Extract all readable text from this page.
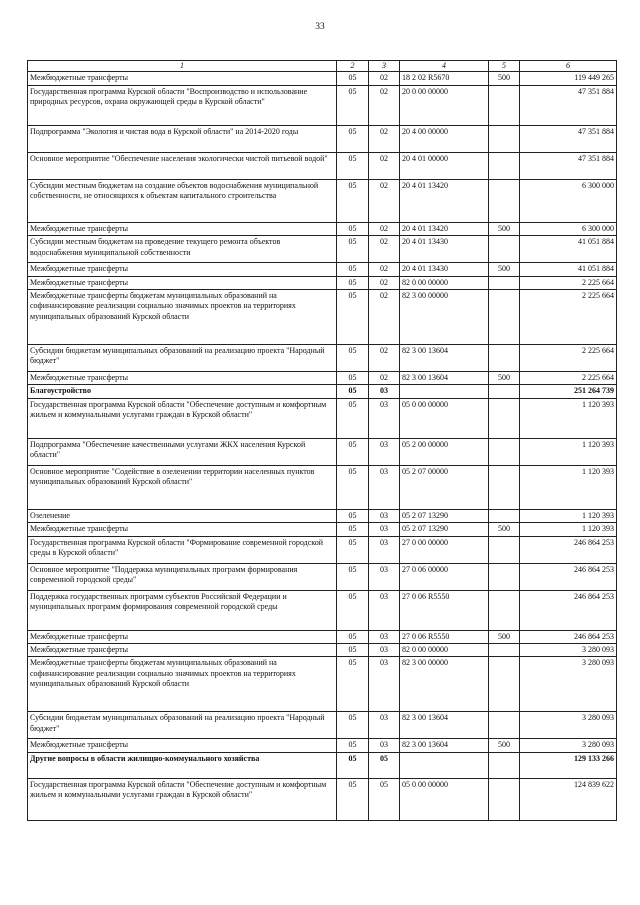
33
1	2	3	4	5	6
Межбюджетные трансферты	05	02	18 2 02 R5670	500	119 449 265
Государственная программа Курской области "Воспроизводство и использование природных ресурсов, охрана окружающей среды в Курской области"	05	02	20 0 00 00000		47 351 884
Подпрограмма "Экология и чистая вода в Курской области" на 2014-2020 годы	05	02	20 4 00 00000		47 351 884
Основное мероприятие "Обеспечение населения экологически чистой питьевой водой"	05	02	20 4 01 00000		47 351 884
Субсидии местным бюджетам на создание объектов водоснабжения муниципальной собственности, не относящихся к объектам капитального строительства	05	02	20 4 01 13420		6 300 000
Межбюджетные трансферты	05	02	20 4 01 13420	500	6 300 000
Субсидии местным бюджетам на проведение текущего ремонта объектов водоснабжения муниципальной собственности	05	02	20 4 01 13430		41 051 884
Межбюджетные трансферты	05	02	20 4 01 13430	500	41 051 884
Межбюджетные трансферты	05	02	82 0 00 00000		2 225 664
Межбюджетные трансферты бюджетам муниципальных образований на софинансирование реализации социально значимых проектов на территориях муниципальных образований Курской области	05	02	82 3 00 00000		2 225 664
Субсидии бюджетам муниципальных образований на реализацию проекта "Народный бюджет"	05	02	82 3 00 13604		2 225 664
Межбюджетные трансферты	05	02	82 3 00 13604	500	2 225 664
Благоустройство	05	03			251 264 739
Государственная программа Курской области "Обеспечение доступным и комфортным жильем и коммунальными услугами граждан в Курской области"	05	03	05 0 00 00000		1 120 393
Подпрограмма "Обеспечение качественными услугами ЖКХ населения Курской области"	05	03	05 2 00 00000		1 120 393
Основное мероприятие "Содействие в озеленении территории населенных пунктов муниципальных образований Курской области"	05	03	05 2 07 00000		1 120 393
Озеленение	05	03	05 2 07 13290		1 120 393
Межбюджетные трансферты	05	03	05 2 07 13290	500	1 120 393
Государственная программа Курской области "Формирование современной городской среды в Курской области"	05	03	27 0 00 00000		246 864 253
Основное мероприятие "Поддержка муниципальных программ формирования современной городской среды"	05	03	27 0 06 00000		246 864 253
Поддержка государственных программ субъектов Российской Федерации и муниципальных программ формирования современной городской среды	05	03	27 0 06 R5550		246 864 253
Межбюджетные трансферты	05	03	27 0 06 R5550	500	246 864 253
Межбюджетные трансферты	05	03	82 0 00 00000		3 280 093
Межбюджетные трансферты бюджетам муниципальных образований на софинансирование реализации социально значимых проектов на территориях муниципальных образований Курской области	05	03	82 3 00 00000		3 280 093
Субсидии бюджетам муниципальных образований на реализацию проекта "Народный бюджет"	05	03	82 3 00 13604		3 280 093
Межбюджетные трансферты	05	03	82 3 00 13604	500	3 280 093
Другие вопросы в области жилищно-коммунального хозяйства	05	05			129 133 266
Государственная программа Курской области "Обеспечение доступным и комфортным жильем и коммунальными услугами граждан в Курской области"	05	05	05 0 00 00000		124 839 622
